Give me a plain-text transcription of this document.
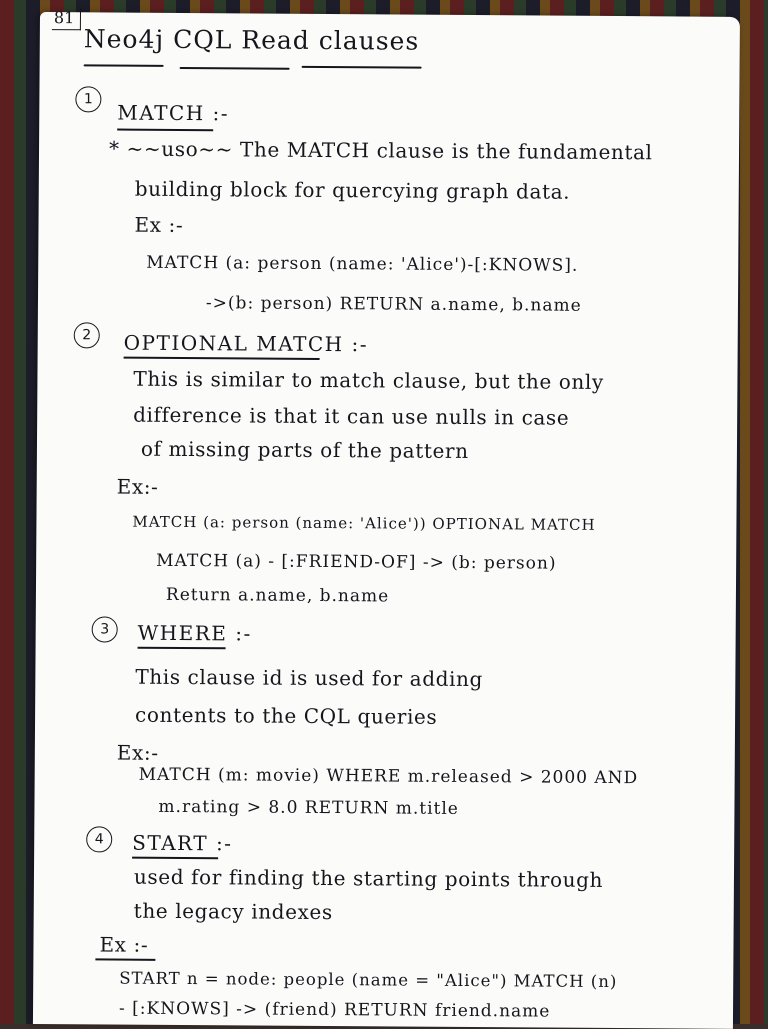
81
Neo4j CQL Read clauses
1
MATCH :-
* ~~uso~~ The MATCH clause is the fundamental
building block for quercying graph data.
Ex :-
MATCH (a: person (name: 'Alice')-[:KNOWS].
->(b: person) RETURN a.name, b.name
2	OPTIONAL MATCH :-
This is similar to match clause, but the only
difference is that it can use nulls in case
of missing parts of the pattern
Ex:-
MATCH (a: person (name: 'Alice')) OPTIONAL MATCH
MATCH (a) - [:FRIEND-OF] -> (b: person)
Return a.name, b.name
3	WHERE :-
This clause id is used for adding
contents to the CQL queries
Ex:-
MATCH (m: movie) WHERE m.released > 2000 AND
m.rating > 8.0 RETURN m.title
4	START :-
used for finding the starting points through
the legacy indexes
Ex :-
START n = node: people (name = "Alice") MATCH (n)
- [:KNOWS] -> (friend) RETURN friend.name
